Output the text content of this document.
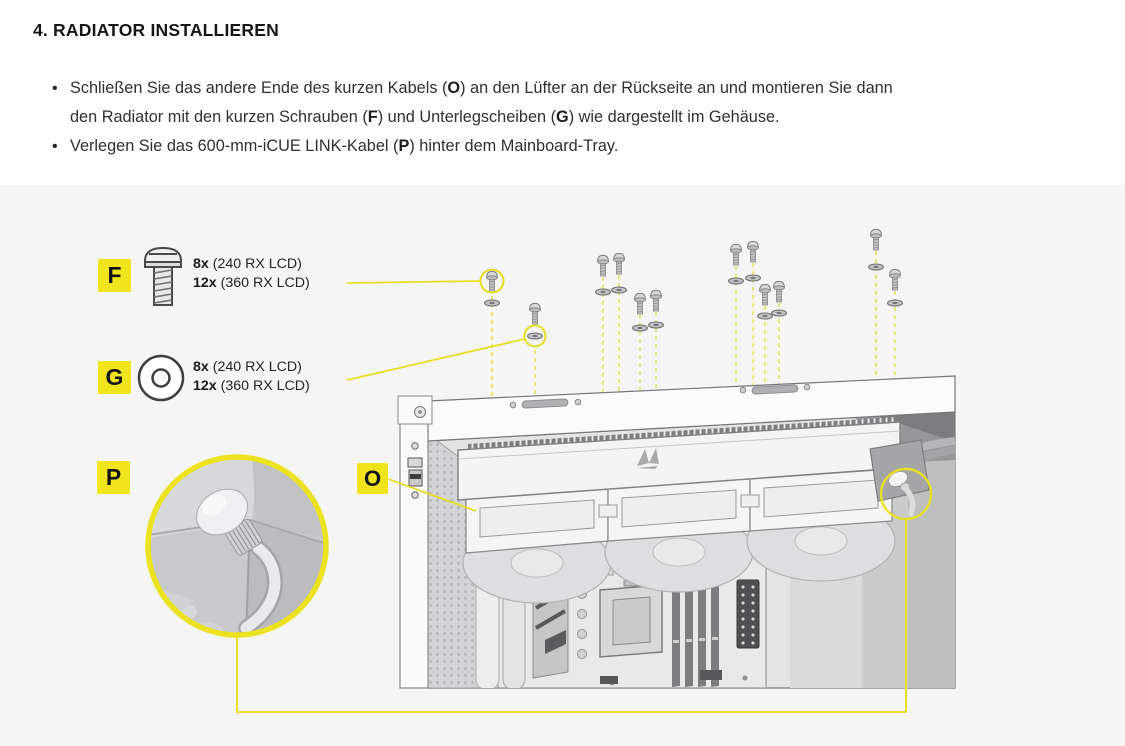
4. RADIATOR INSTALLIEREN
• Schließen Sie das andere Ende des kurzen Kabels (O) an den Lüfter an der Rückseite an und montieren Sie dann
den Radiator mit den kurzen Schrauben (F) und Unterlegscheiben (G) wie dargestellt im Gehäuse.
• Verlegen Sie das 600-mm-iCUE LINK-Kabel (P) hinter dem Mainboard-Tray.
F	8x (240 RX LCD)
12x (360 RX LCD)
G	8x (240 RX LCD)
12x (360 RX LCD)
P	O
